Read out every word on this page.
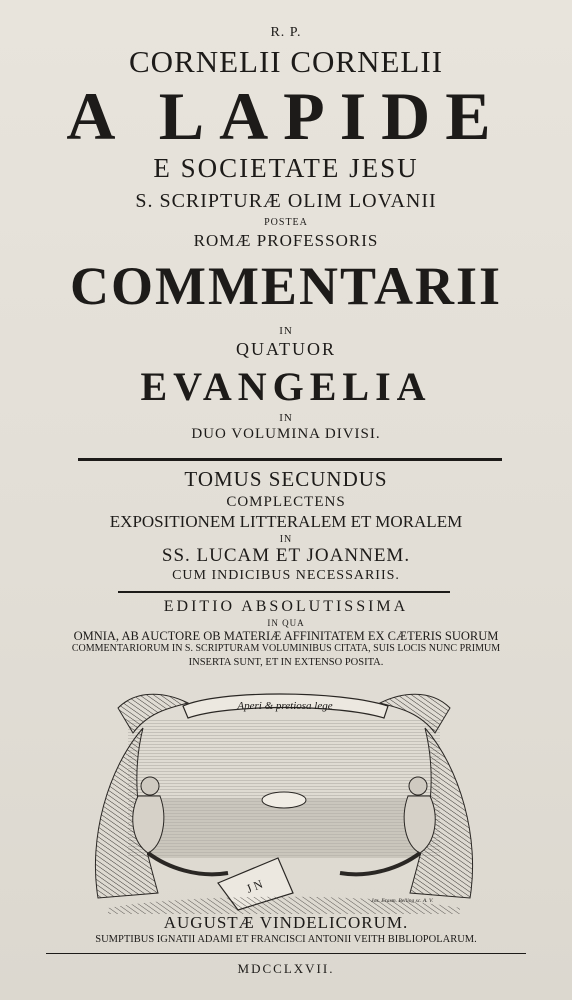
R. P.
CORNELII CORNELII
A LAPIDE
E SOCIETATE JESU
S. SCRIPTURÆ OLIM LOVANII
POSTEA
ROMÆ PROFESSORIS
COMMENTARII
IN
QUATUOR
EVANGELIA
IN
DUO VOLUMINA DIVISI.
TOMUS SECUNDUS
COMPLECTENS
EXPOSITIONEM LITTERALEM ET MORALEM
IN
SS. LUCAM ET JOANNEM.
CUM INDICIBUS NECESSARIIS.
EDITIO ABSOLUTISSIMA
IN QUA
OMNIA, AB AUCTORE OB MATERIÆ AFFINITATEM EX CÆTERIS SUORUM
COMMENTARIORUM IN S. SCRIPTURAM VOLUMINIBUS CITATA, SUIS LOCIS NUNC PRIMUM
INSERTA SUNT, ET IN EXTENSO POSITA.
Aperi & pretiosa lege
J N
Jos. Erasm. Belling sc. A. V.
AUGUSTÆ VINDELICORUM.
SUMPTIBUS IGNATII ADAMI ET FRANCISCI ANTONII VEITH BIBLIOPOLARUM.
MDCCLXVII.
